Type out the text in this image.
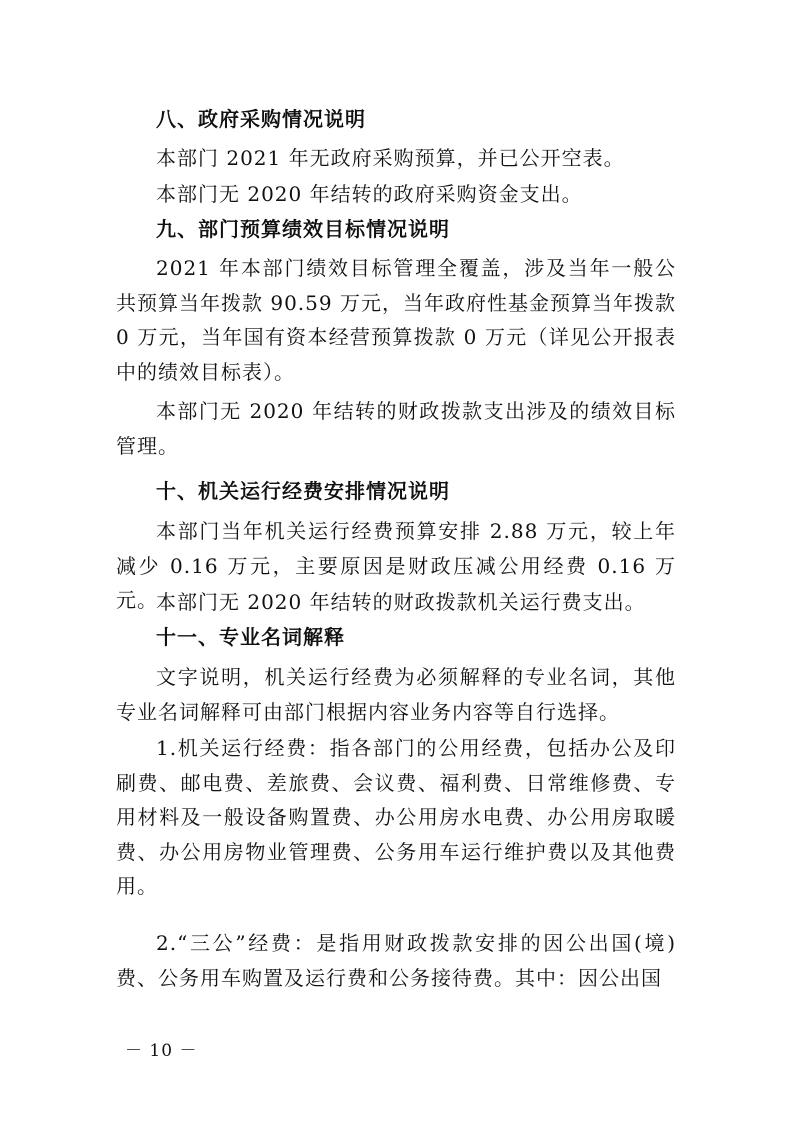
八、政府采购情况说明

本部门 2021 年无政府采购预算，并已公开空表。

本部门无 2020 年结转的政府采购资金支出。

九、部门预算绩效目标情况说明

2021 年本部门绩效目标管理全覆盖，涉及当年一般公共预算当年拨款 90.59 万元，当年政府性基金预算当年拨款 0 万元，当年国有资本经营预算拨款 0 万元（详见公开报表中的绩效目标表）。

本部门无 2020 年结转的财政拨款支出涉及的绩效目标管理。

十、机关运行经费安排情况说明

本部门当年机关运行经费预算安排 2.88 万元，较上年减少 0.16 万元，主要原因是财政压减公用经费 0.16 万元。

本部门无 2020 年结转的财政拨款机关运行费支出。

十一、专业名词解释

文字说明，机关运行经费为必须解释的专业名词，其他专业名词解释可由部门根据内容业务内容等自行选择。

1.机关运行经费：指各部门的公用经费，包括办公及印刷费、邮电费、差旅费、会议费、福利费、日常维修费、专用材料及一般设备购置费、办公用房水电费、办公用房取暖费、办公用房物业管理费、公务用车运行维护费以及其他费用。

2.“三公”经费：是指用财政拨款安排的因公出国(境)费、公务用车购置及运行费和公务接待费。其中：因公出国

－ 10 －
